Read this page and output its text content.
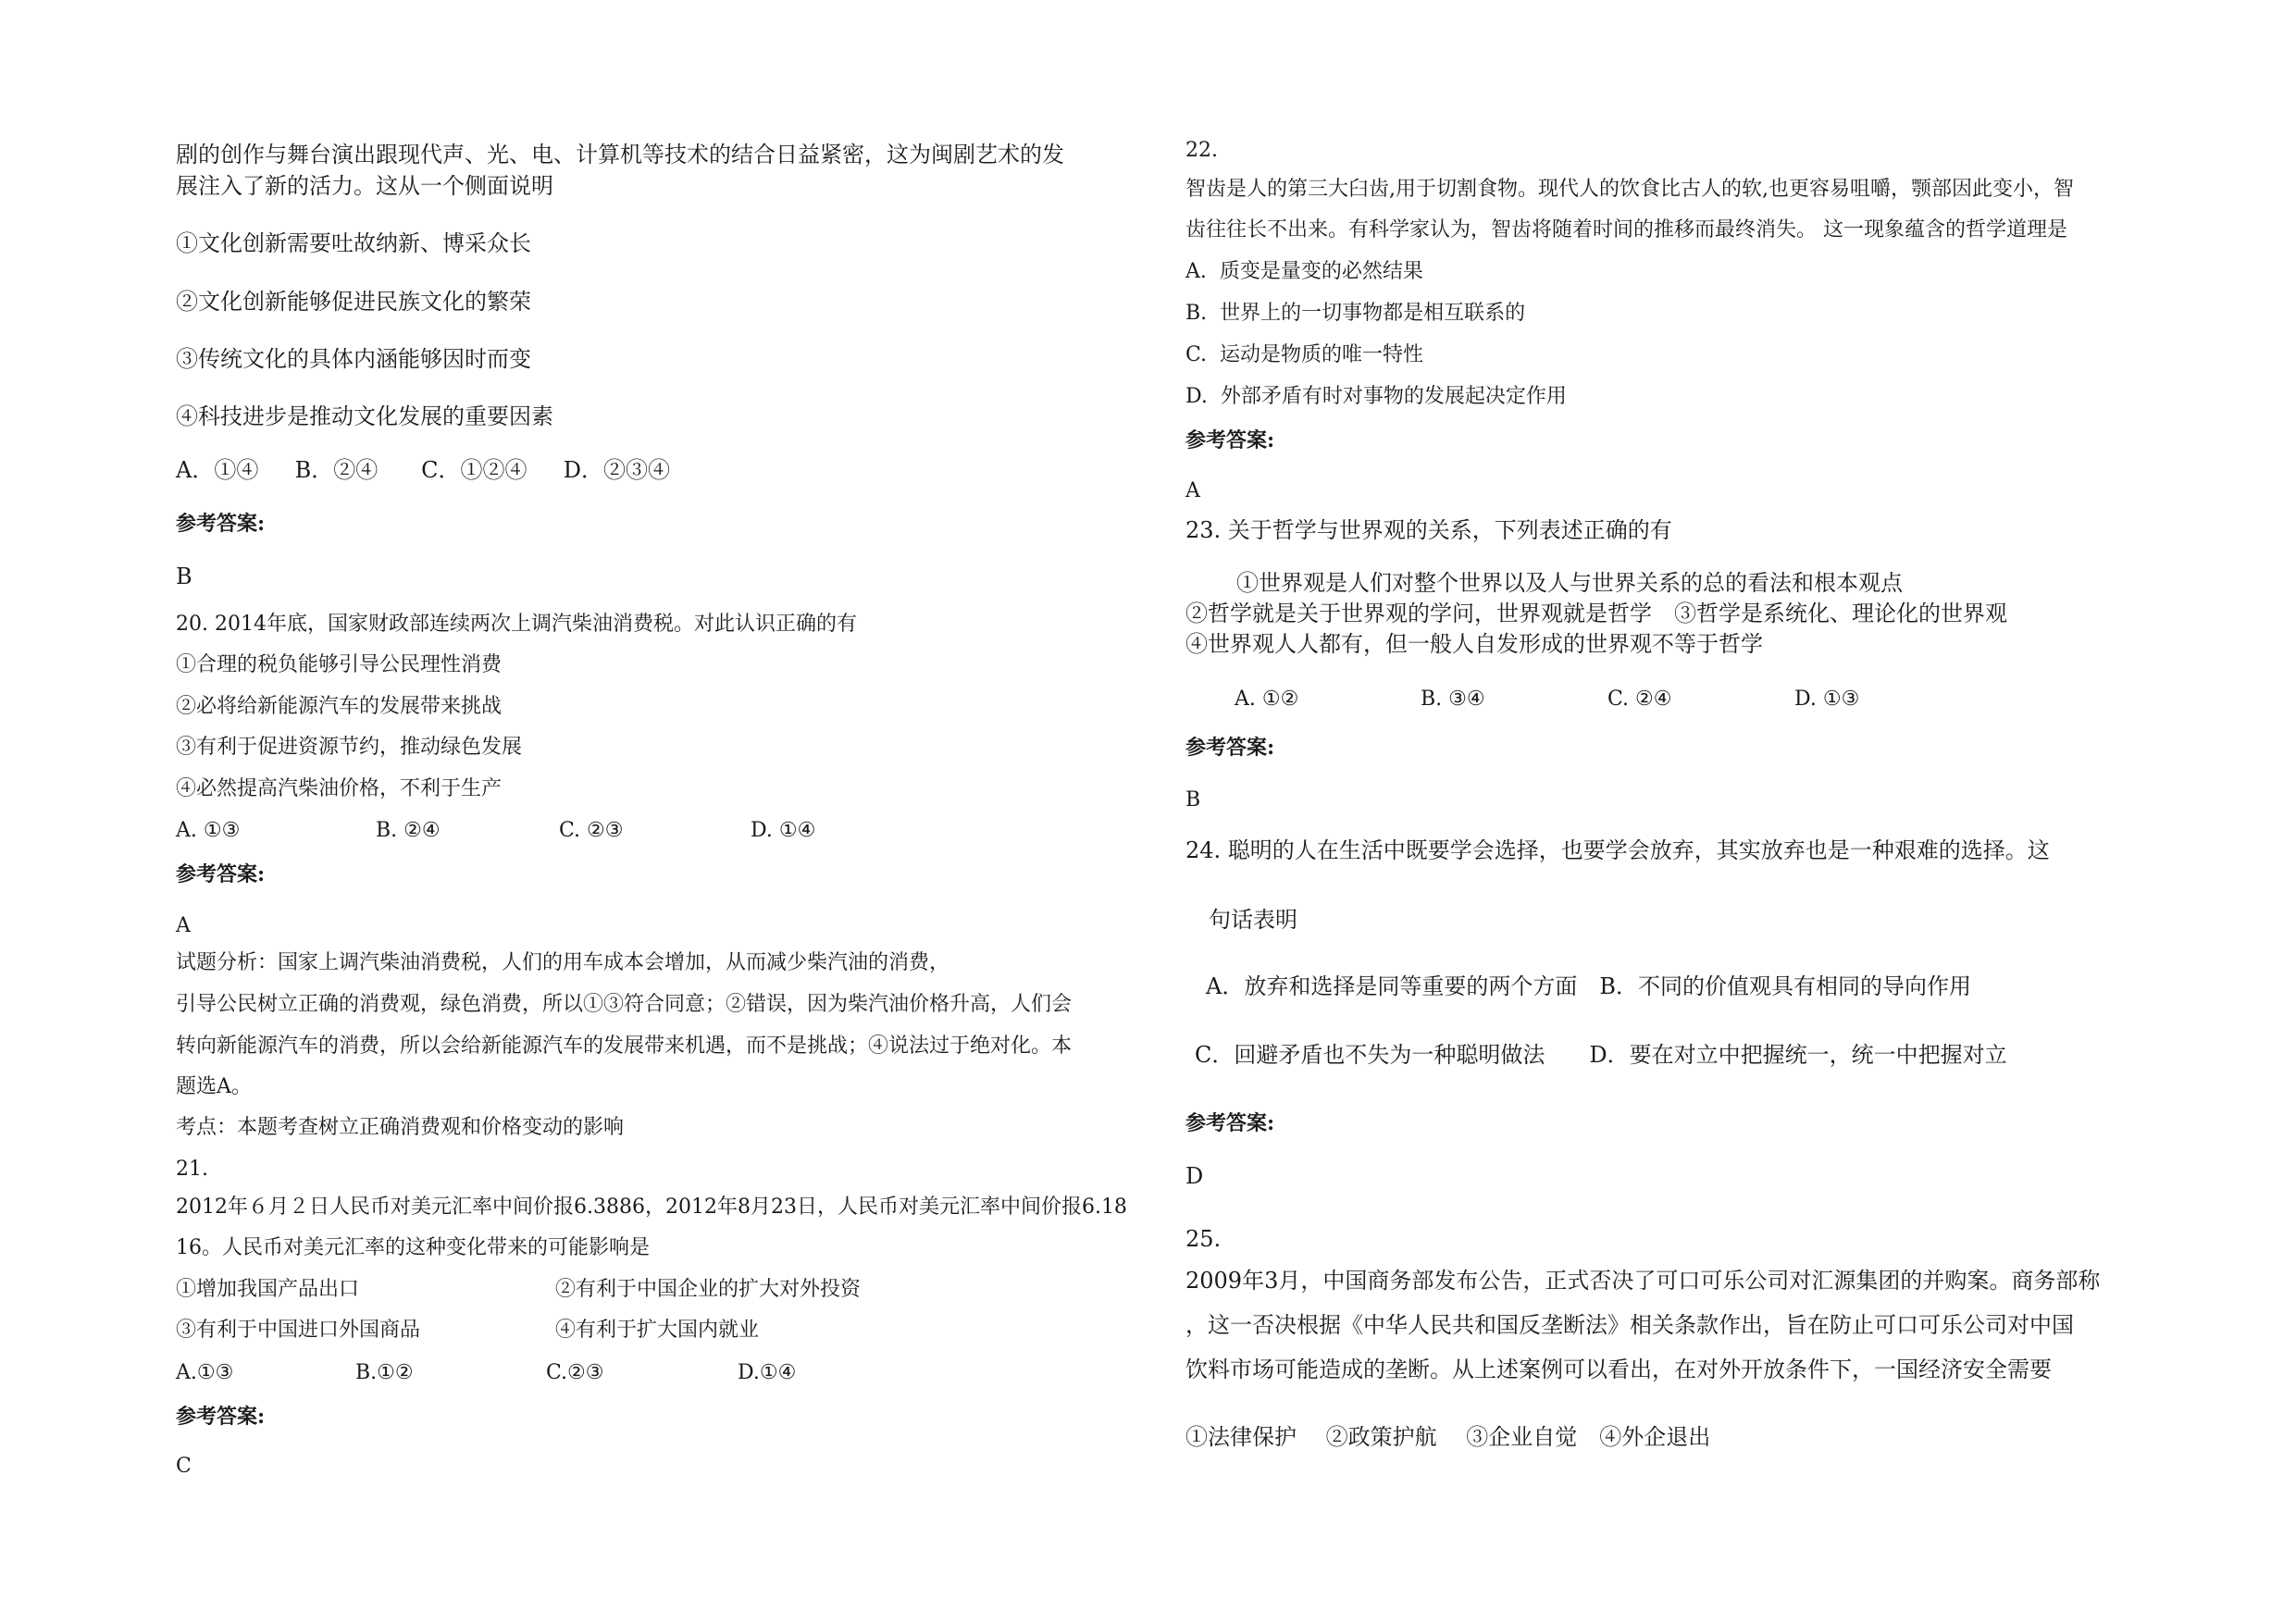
剧的创作与舞台演出跟现代声、光、电、计算机等技术的结合日益紧密，这为闽剧艺术的发
展注入了新的活力。这从一个侧面说明
①文化创新需要吐故纳新、博采众长
②文化创新能够促进民族文化的繁荣
③传统文化的具体内涵能够因时而变
④科技进步是推动文化发展的重要因素
A．①④　  B．②④　   C．①②④　  D．②③④
参考答案:
B
20. 2014年底，国家财政部连续两次上调汽柴油消费税。对此认识正确的有
①合理的税负能够引导公民理性消费
②必将给新能源汽车的发展带来挑战
③有利于促进资源节约，推动绿色发展
④必然提高汽柴油价格，不利于生产
A. ①③	B. ②④	C. ②③	D. ①④
参考答案:
A
试题分析：国家上调汽柴油消费税，人们的用车成本会增加，从而减少柴汽油的消费，
引导公民树立正确的消费观，绿色消费，所以①③符合同意；②错误，因为柴汽油价格升高，人们会
转向新能源汽车的消费，所以会给新能源汽车的发展带来机遇，而不是挑战；④说法过于绝对化。本
题选A。
考点：本题考查树立正确消费观和价格变动的影响
21.
2012年６月２日人民币对美元汇率中间价报6.3886，2012年8月23日，人民币对美元汇率中间价报6.18
16。人民币对美元汇率的这种变化带来的可能影响是
①增加我国产品出口	②有利于中国企业的扩大对外投资
③有利于中国进口外国商品	④有利于扩大国内就业
A.①③	B.①②	C.②③	D.①④
参考答案:
C
22.
智齿是人的第三大臼齿,用于切割食物。现代人的饮食比古人的软,也更容易咀嚼，颚部因此变小，智
齿往往长不出来。有科学家认为，智齿将随着时间的推移而最终消失。 这一现象蕴含的哲学道理是
A.  质变是量变的必然结果
B.  世界上的一切事物都是相互联系的
C.  运动是物质的唯一特性
D.  外部矛盾有时对事物的发展起决定作用
参考答案:
A
23. 关于哲学与世界观的关系，下列表述正确的有
①世界观是人们对整个世界以及人与世界关系的总的看法和根本观点
②哲学就是关于世界观的学问，世界观就是哲学　③哲学是系统化、理论化的世界观
④世界观人人都有，但一般人自发形成的世界观不等于哲学
A. ①②	B. ③④	C. ②④	D. ①③
参考答案:
B
24. 聪明的人在生活中既要学会选择，也要学会放弃，其实放弃也是一种艰难的选择。这
句话表明
A．放弃和选择是同等重要的两个方面　B．不同的价值观具有相同的导向作用
C．回避矛盾也不失为一种聪明做法　　D．要在对立中把握统一，统一中把握对立
参考答案:
D
25.
2009年3月，中国商务部发布公告，正式否决了可口可乐公司对汇源集团的并购案。商务部称
，这一否决根据《中华人民共和国反垄断法》相关条款作出，旨在防止可口可乐公司对中国
饮料市场可能造成的垄断。从上述案例可以看出，在对外开放条件下，一国经济安全需要
①法律保护　 ②政策护航　 ③企业自觉　④外企退出
